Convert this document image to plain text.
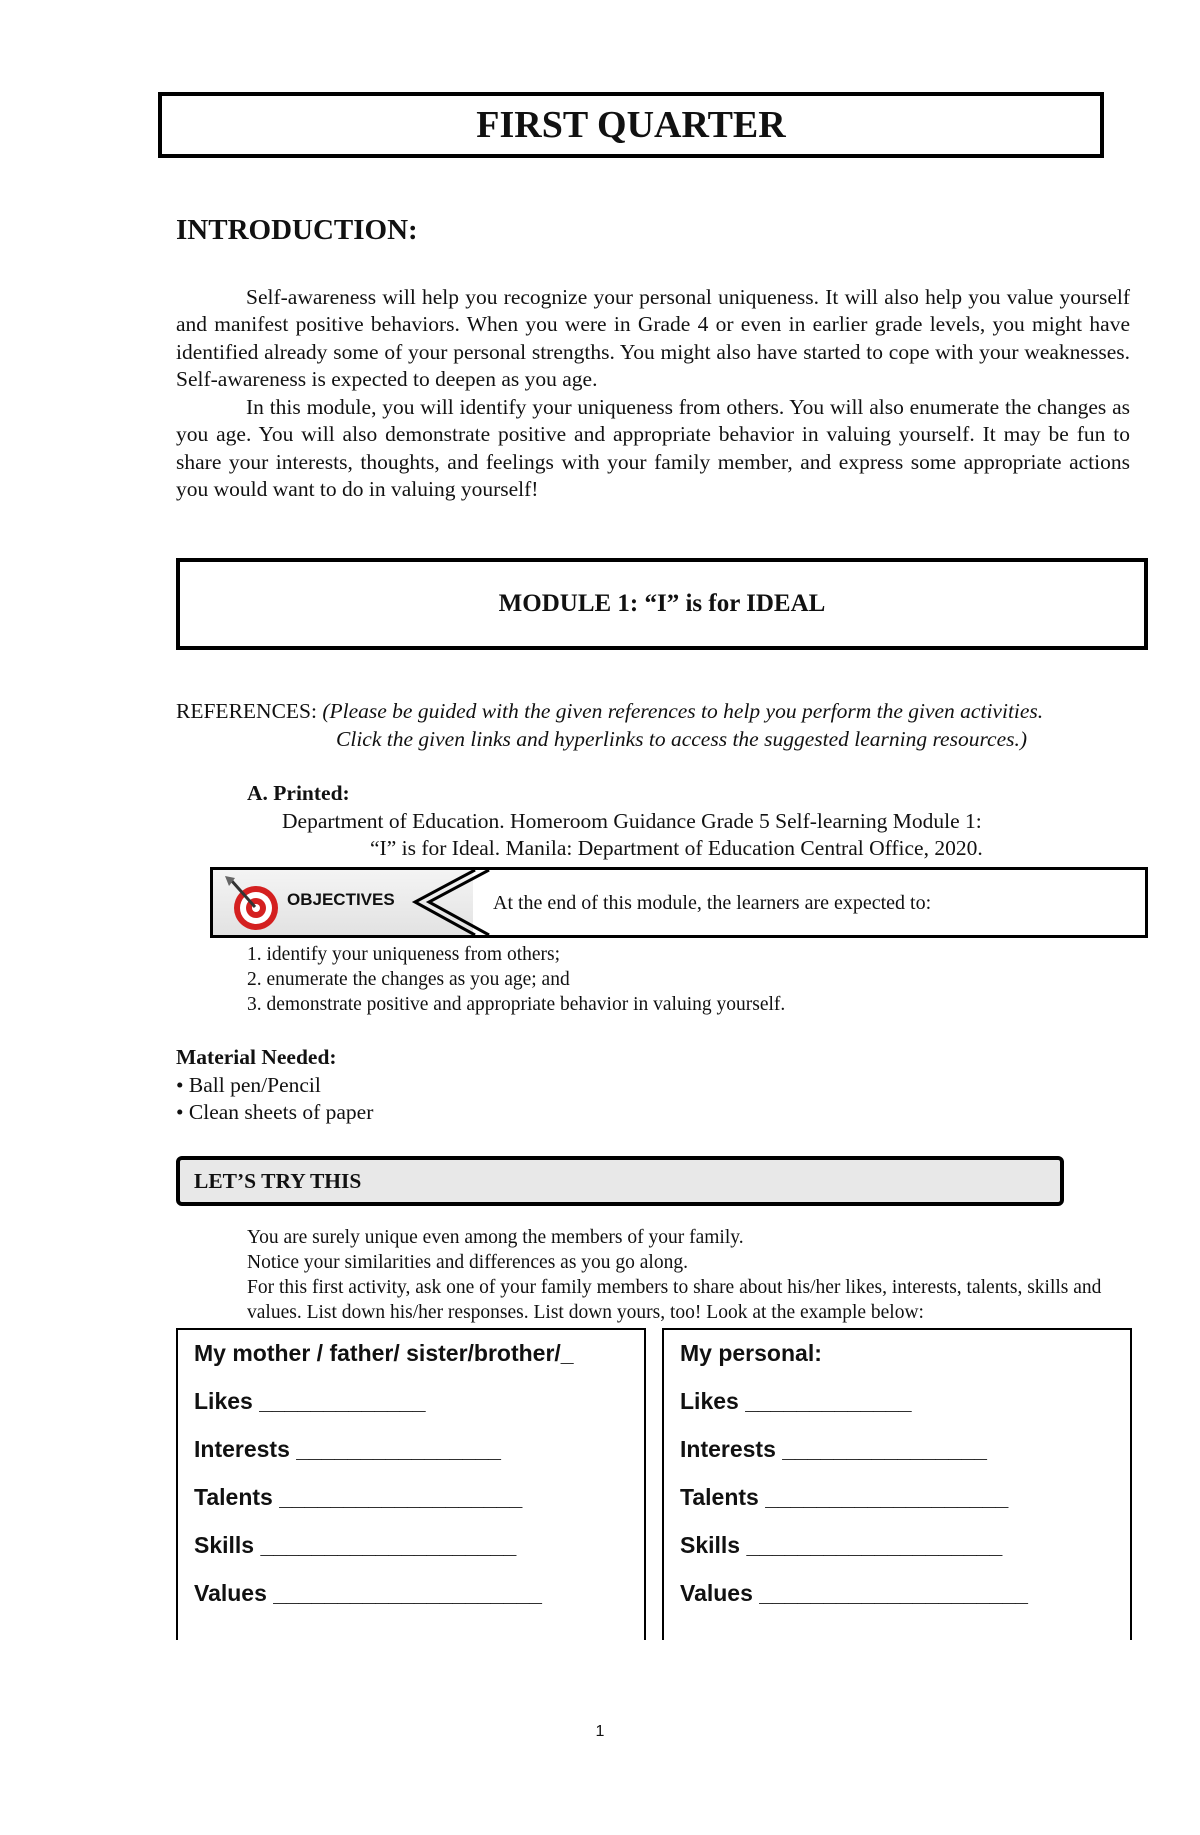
FIRST QUARTER
INTRODUCTION:
Self-awareness will help you recognize your personal uniqueness. It will also help you value yourself and manifest positive behaviors. When you were in Grade 4 or even in earlier grade levels, you might have identified already some of your personal strengths. You might also have started to cope with your weaknesses. Self-awareness is expected to deepen as you age.
In this module, you will identify your uniqueness from others. You will also enumerate the changes as you age. You will also demonstrate positive and appropriate behavior in valuing yourself. It may be fun to share your interests, thoughts, and feelings with your family member, and express some appropriate actions you would want to do in valuing yourself!
MODULE 1: “I” is for IDEAL
REFERENCES: (Please be guided with the given references to help you perform the given activities.
Click the given links and hyperlinks to access the suggested learning resources.)
A. Printed:
Department of Education. Homeroom Guidance Grade 5 Self-learning Module 1:
“I” is for Ideal. Manila: Department of Education Central Office, 2020.
OBJECTIVES	At the end of this module, the learners are expected to:
1. identify your uniqueness from others;
2. enumerate the changes as you age; and
3. demonstrate positive and appropriate behavior in valuing yourself.
Material Needed:
• Ball pen/Pencil
• Clean sheets of paper
LET’S TRY THIS
You are surely unique even among the members of your family.
Notice your similarities and differences as you go along.
For this first activity, ask one of your family members to share about his/her likes, interests, talents, skills and values. List down his/her responses. List down yours, too! Look at the example below:
My mother / father/ sister/brother/_
Likes _____________
Interests ________________
Talents ___________________
Skills ____________________
Values _____________________
My personal:
Likes _____________
Interests ________________
Talents ___________________
Skills ____________________
Values _____________________
1
